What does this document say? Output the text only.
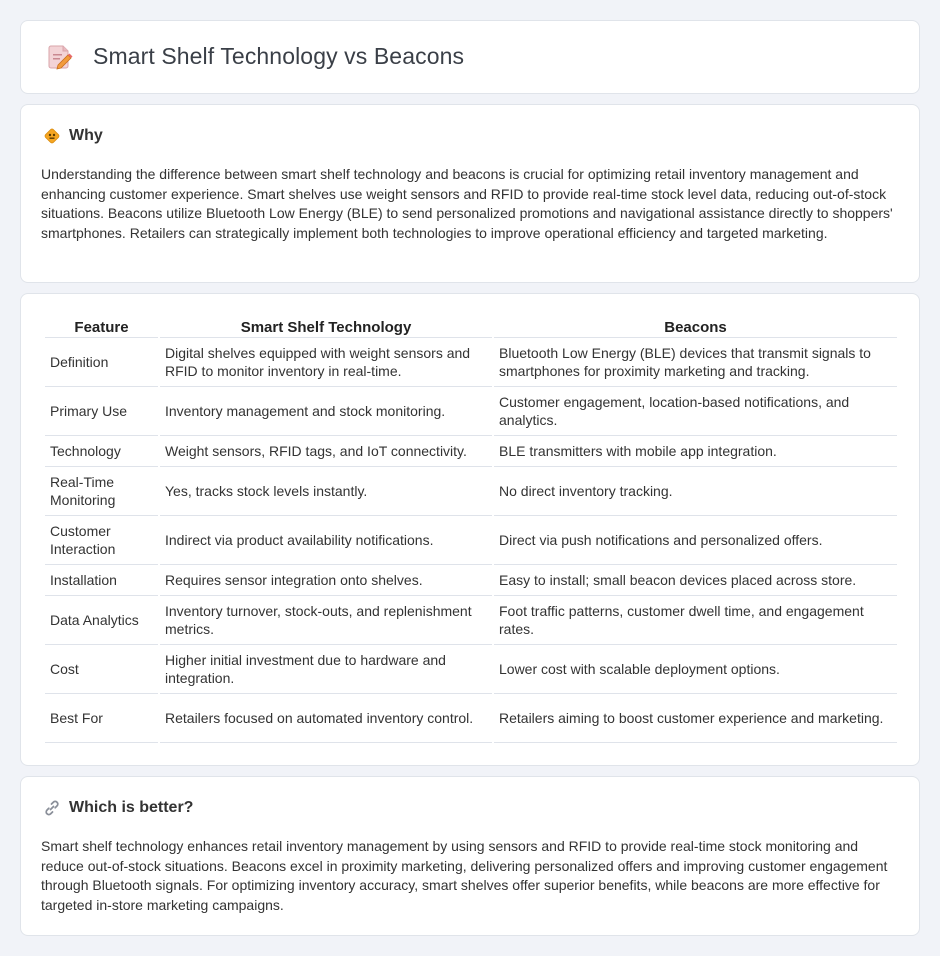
Smart Shelf Technology vs Beacons
Why

Understanding the difference between smart shelf technology and beacons is crucial for optimizing retail inventory management and enhancing customer experience. Smart shelves use weight sensors and RFID to provide real-time stock level data, reducing out-of-stock situations. Beacons utilize Bluetooth Low Energy (BLE) to send personalized promotions and navigational assistance directly to shoppers' smartphones. Retailers can strategically implement both technologies to improve operational efficiency and targeted marketing.

Feature	Smart Shelf Technology	Beacons
Definition	Digital shelves equipped with weight sensors and RFID to monitor inventory in real-time.	Bluetooth Low Energy (BLE) devices that transmit signals to smartphones for proximity marketing and tracking.
Primary Use	Inventory management and stock monitoring.	Customer engagement, location-based notifications, and analytics.
Technology	Weight sensors, RFID tags, and IoT connectivity.	BLE transmitters with mobile app integration.
Real-Time Monitoring	Yes, tracks stock levels instantly.	No direct inventory tracking.
Customer Interaction	Indirect via product availability notifications.	Direct via push notifications and personalized offers.
Installation	Requires sensor integration onto shelves.	Easy to install; small beacon devices placed across store.
Data Analytics	Inventory turnover, stock-outs, and replenishment metrics.	Foot traffic patterns, customer dwell time, and engagement rates.
Cost	Higher initial investment due to hardware and integration.	Lower cost with scalable deployment options.
Best For	Retailers focused on automated inventory control.	Retailers aiming to boost customer experience and marketing.
Which is better?

Smart shelf technology enhances retail inventory management by using sensors and RFID to provide real-time stock monitoring and reduce out-of-stock situations. Beacons excel in proximity marketing, delivering personalized offers and improving customer engagement through Bluetooth signals. For optimizing inventory accuracy, smart shelves offer superior benefits, while beacons are more effective for targeted in-store marketing campaigns.
